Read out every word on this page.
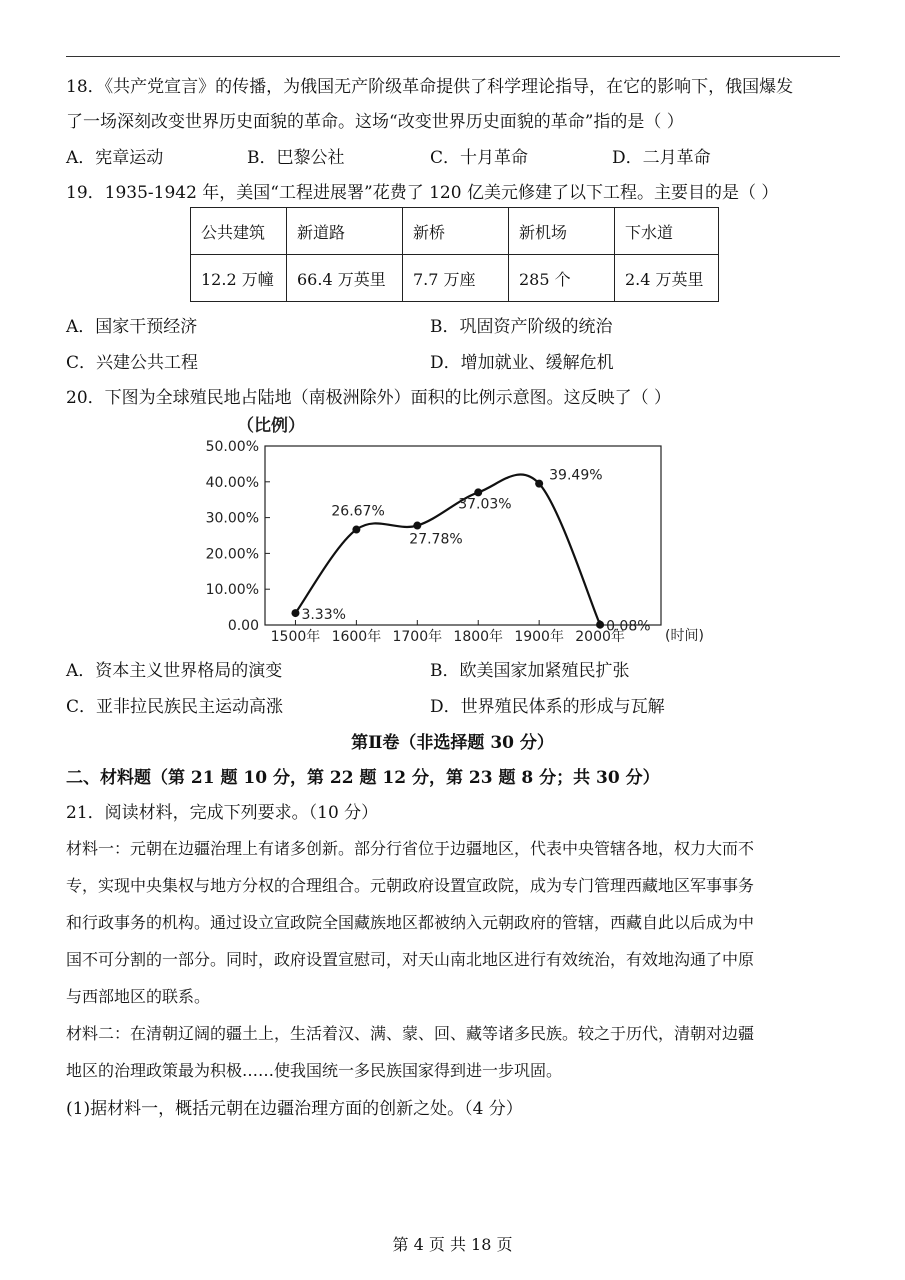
18．《共产党宣言》的传播，为俄国无产阶级革命提供了科学理论指导，在它的影响下，俄国爆发
了一场深刻改变世界历史面貌的革命。这场“改变世界历史面貌的革命”指的是（ ）
A．宪章运动	B．巴黎公社	C．十月革命	D．二月革命
19．1935-1942 年，美国“工程进展署”花费了 120 亿美元修建了以下工程。主要目的是（ ）
公共建筑	新道路	新桥	新机场	下水道
12.2 万幢	66.4 万英里	7.7 万座	285 个	2.4 万英里
A．国家干预经济	B．巩固资产阶级的统治
C．兴建公共工程	D．增加就业、缓解危机
20．下图为全球殖民地占陆地（南极洲除外）面积的比例示意图。这反映了（ ）
（比例）
0.00
10.00%
20.00%
30.00%
40.00%
50.00%
1500年 1600年 1700年 1800年 1900年 2000年
3.33%
26.67%
27.78%
37.03%
39.49%
0.08%
(时间)
A．资本主义世界格局的演变	B．欧美国家加紧殖民扩张
C．亚非拉民族民主运动高涨	D．世界殖民体系的形成与瓦解
第Ⅱ卷（非选择题 30 分）
二、材料题（第 21 题 10 分，第 22 题 12 分，第 23 题 8 分；共 30 分）
21．阅读材料，完成下列要求。（10 分）
材料一：元朝在边疆治理上有诸多创新。部分行省位于边疆地区，代表中央管辖各地，权力大而不
专，实现中央集权与地方分权的合理组合。元朝政府设置宣政院，成为专门管理西藏地区军事事务
和行政事务的机构。通过设立宣政院全国藏族地区都被纳入元朝政府的管辖，西藏自此以后成为中
国不可分割的一部分。同时，政府设置宣慰司，对天山南北地区进行有效统治，有效地沟通了中原
与西部地区的联系。
材料二：在清朝辽阔的疆土上，生活着汉、满、蒙、回、藏等诸多民族。较之于历代，清朝对边疆
地区的治理政策最为积极……使我国统一多民族国家得到进一步巩固。
(1)据材料一，概括元朝在边疆治理方面的创新之处。（4 分）
第 4 页 共 18 页
